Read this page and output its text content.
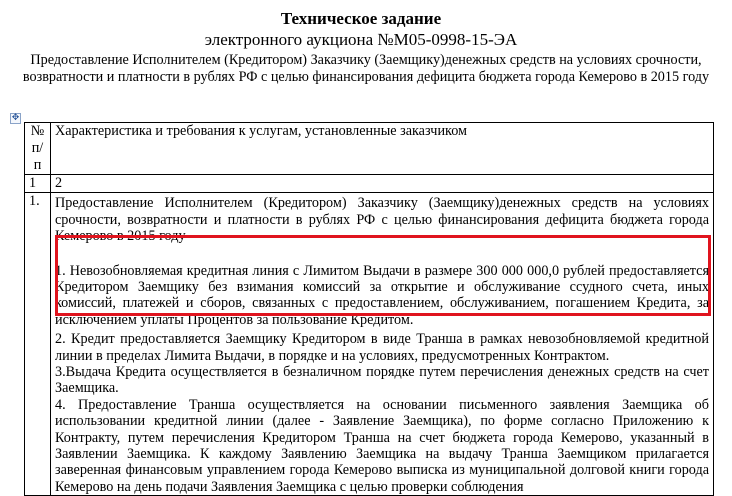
Техническое задание
электронного аукциона №М05-0998-15-ЭА
Предоставление Исполнителем (Кредитором) Заказчику (Заемщику)денежных средств на условиях срочности, возвратности и платности в рублях РФ с целью финансирования дефицита бюджета города Кемерово в 2015 году
✥
№ п/п	Характеристика и требования к услугам, установленные заказчиком
1	2
1.	Предоставление Исполнителем (Кредитором) Заказчику (Заемщику)денежных средств на условиях срочности, возвратности и платности в рублях РФ с целью финансирования дефицита бюджета города Кемерово в 2015 году

1. Невозобновляемая кредитная линия с Лимитом Выдачи в размере 300 000 000,0 рублей предоставляется Кредитором Заемщику без взимания комиссий за открытие и обслуживание ссудного счета, иных комиссий, платежей и сборов, связанных с предоставлением, обслуживанием, погашением Кредита, за исключением уплаты Процентов за пользование Кредитом.

2. Кредит предоставляется Заемщику Кредитором в виде Транша в рамках невозобновляемой кредитной линии в пределах Лимита Выдачи, в порядке и на условиях, предусмотренных Контрактом.

3.Выдача Кредита осуществляется в безналичном порядке путем перечисления денежных средств на счет Заемщика.

4. Предоставление Транша осуществляется на основании письменного заявления Заемщика об использовании кредитной линии (далее - Заявление Заемщика), по форме согласно Приложению к Контракту, путем перечисления Кредитором Транша на счет бюджета города Кемерово, указанный в Заявлении Заемщика. К каждому Заявлению Заемщика на выдачу Транша Заемщиком прилагается заверенная финансовым управлением города Кемерово выписка из муниципальной долговой книги города Кемерово на день подачи Заявления Заемщика с целью проверки соблюдения
